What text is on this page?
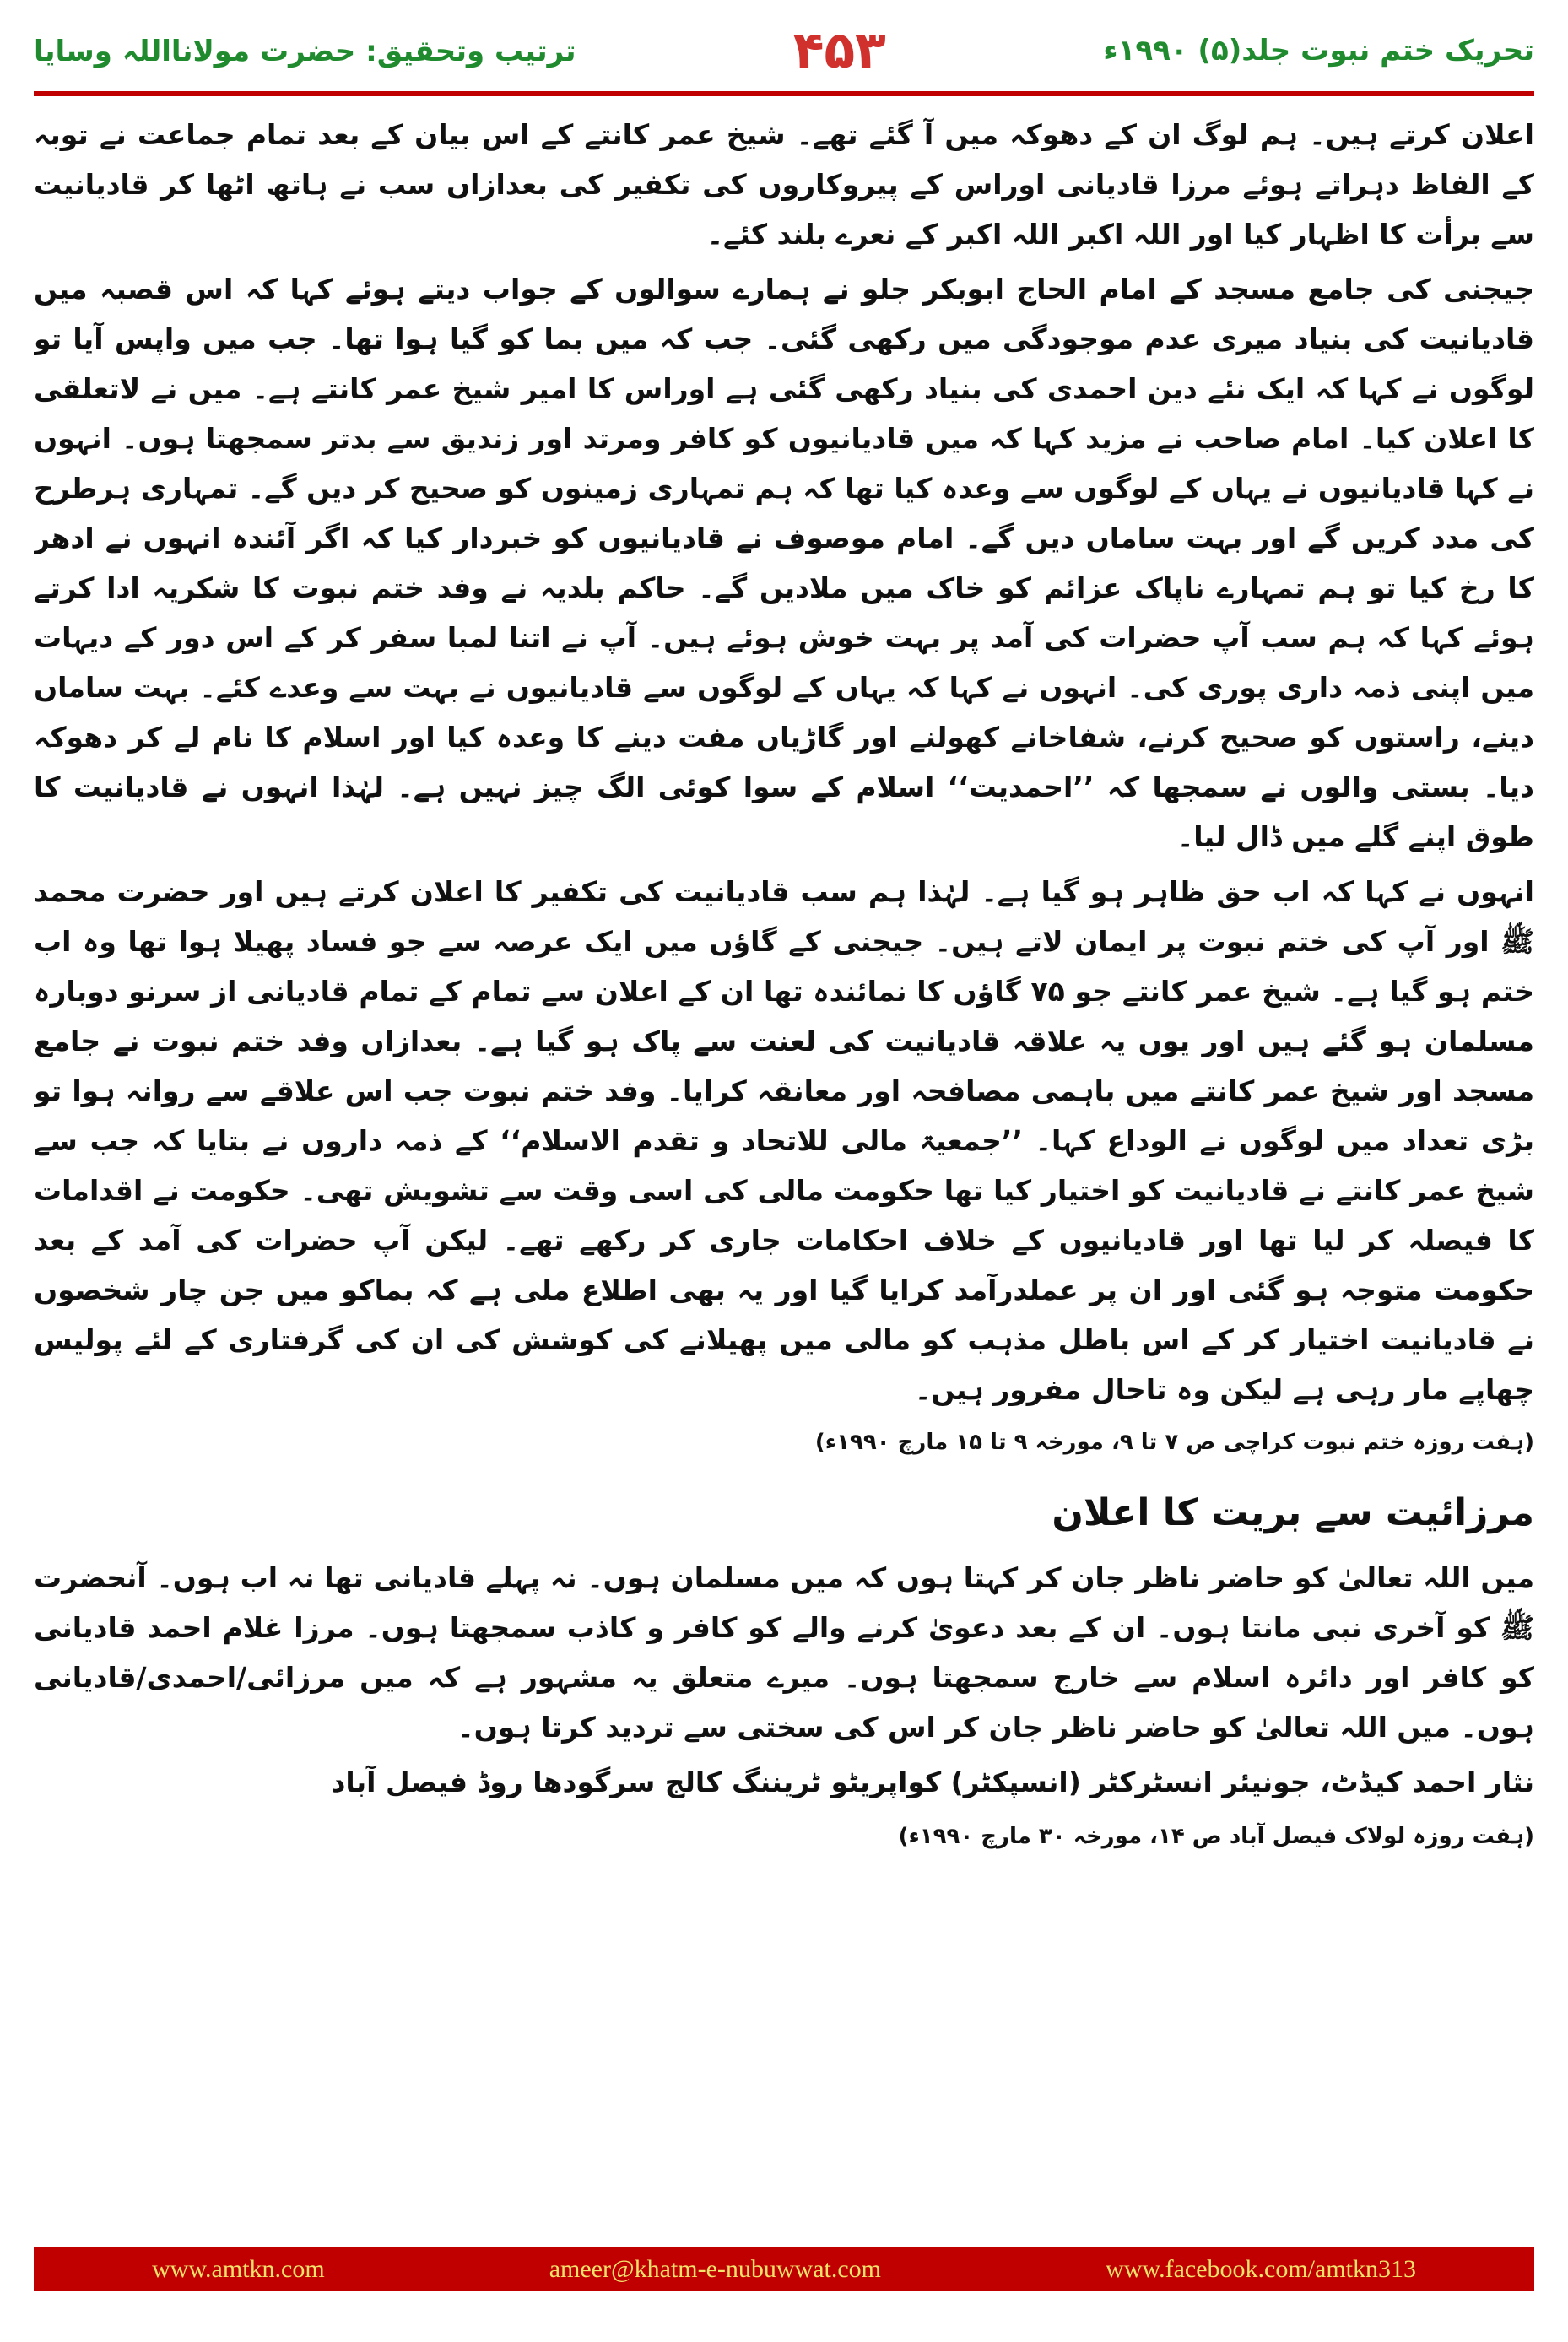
ترتیب وتحقیق: حضرت مولانااللہ وسایا	۴۵۳	تحریک ختم نبوت جلد(۵) ۱۹۹۰ء

اعلان کرتے ہیں۔ ہم لوگ ان کے دھوکہ میں آ گئے تھے۔ شیخ عمر کانتے کے اس بیان کے بعد تمام جماعت نے توبہ کے الفاظ دہراتے ہوئے مرزا قادیانی اوراس کے پیروکاروں کی تکفیر کی بعدازاں سب نے ہاتھ اٹھا کر قادیانیت سے برأت کا اظہار کیا اور اللہ اکبر اللہ اکبر کے نعرے بلند کئے۔

جیجنی کی جامع مسجد کے امام الحاج ابوبکر جلو نے ہمارے سوالوں کے جواب دیتے ہوئے کہا کہ اس قصبہ میں قادیانیت کی بنیاد میری عدم موجودگی میں رکھی گئی۔ جب کہ میں بما کو گیا ہوا تھا۔ جب میں واپس آیا تو لوگوں نے کہا کہ ایک نئے دین احمدی کی بنیاد رکھی گئی ہے اوراس کا امیر شیخ عمر کانتے ہے۔ میں نے لاتعلقی کا اعلان کیا۔ امام صاحب نے مزید کہا کہ میں قادیانیوں کو کافر ومرتد اور زندیق سے بدتر سمجھتا ہوں۔ انہوں نے کہا قادیانیوں نے یہاں کے لوگوں سے وعدہ کیا تھا کہ ہم تمہاری زمینوں کو صحیح کر دیں گے۔ تمہاری ہرطرح کی مدد کریں گے اور بہت ساماں دیں گے۔ امام موصوف نے قادیانیوں کو خبردار کیا کہ اگر آئندہ انہوں نے ادھر کا رخ کیا تو ہم تمہارے ناپاک عزائم کو خاک میں ملادیں گے۔ حاکم بلدیہ نے وفد ختم نبوت کا شکریہ ادا کرتے ہوئے کہا کہ ہم سب آپ حضرات کی آمد پر بہت خوش ہوئے ہیں۔ آپ نے اتنا لمبا سفر کر کے اس دور کے دیہات میں اپنی ذمہ داری پوری کی۔ انہوں نے کہا کہ یہاں کے لوگوں سے قادیانیوں نے بہت سے وعدے کئے۔ بہت ساماں دینے، راستوں کو صحیح کرنے، شفاخانے کھولنے اور گاڑیاں مفت دینے کا وعدہ کیا اور اسلام کا نام لے کر دھوکہ دیا۔ بستی والوں نے سمجھا کہ ’’احمدیت‘‘ اسلام کے سوا کوئی الگ چیز نہیں ہے۔ لہٰذا انہوں نے قادیانیت کا طوق اپنے گلے میں ڈال لیا۔

انہوں نے کہا کہ اب حق ظاہر ہو گیا ہے۔ لہٰذا ہم سب قادیانیت کی تکفیر کا اعلان کرتے ہیں اور حضرت محمد ﷺ اور آپ کی ختم نبوت پر ایمان لاتے ہیں۔ جیجنی کے گاؤں میں ایک عرصہ سے جو فساد پھیلا ہوا تھا وہ اب ختم ہو گیا ہے۔ شیخ عمر کانتے جو ۷۵ گاؤں کا نمائندہ تھا ان کے اعلان سے تمام کے تمام قادیانی از سرنو دوبارہ مسلمان ہو گئے ہیں اور یوں یہ علاقہ قادیانیت کی لعنت سے پاک ہو گیا ہے۔ بعدازاں وفد ختم نبوت نے جامع مسجد اور شیخ عمر کانتے میں باہمی مصافحہ اور معانقہ کرایا۔ وفد ختم نبوت جب اس علاقے سے روانہ ہوا تو بڑی تعداد میں لوگوں نے الوداع کہا۔ ’’جمعیۃ مالی للاتحاد و تقدم الاسلام‘‘ کے ذمہ داروں نے بتایا کہ جب سے شیخ عمر کانتے نے قادیانیت کو اختیار کیا تھا حکومت مالی کی اسی وقت سے تشویش تھی۔ حکومت نے اقدامات کا فیصلہ کر لیا تھا اور قادیانیوں کے خلاف احکامات جاری کر رکھے تھے۔ لیکن آپ حضرات کی آمد کے بعد حکومت متوجہ ہو گئی اور ان پر عملدرآمد کرایا گیا اور یہ بھی اطلاع ملی ہے کہ بماکو میں جن چار شخصوں نے قادیانیت اختیار کر کے اس باطل مذہب کو مالی میں پھیلانے کی کوشش کی ان کی گرفتاری کے لئے پولیس چھاپے مار رہی ہے لیکن وہ تاحال مفرور ہیں۔
(ہفت روزہ ختم نبوت کراچی ص ۷ تا ۹، مورخہ ۹ تا ۱۵ مارچ ۱۹۹۰ء)

مرزائیت سے بریت کا اعلان

میں اللہ تعالیٰ کو حاضر ناظر جان کر کہتا ہوں کہ میں مسلمان ہوں۔ نہ پہلے قادیانی تھا نہ اب ہوں۔ آنحضرت ﷺ کو آخری نبی مانتا ہوں۔ ان کے بعد دعویٰ کرنے والے کو کافر و کاذب سمجھتا ہوں۔ مرزا غلام احمد قادیانی کو کافر اور دائرہ اسلام سے خارج سمجھتا ہوں۔ میرے متعلق یہ مشہور ہے کہ میں مرزائی/احمدی/قادیانی ہوں۔ میں اللہ تعالیٰ کو حاضر ناظر جان کر اس کی سختی سے تردید کرتا ہوں۔

نثار احمد کیڈٹ، جونیئر انسٹرکٹر (انسپکٹر) کواپریٹو ٹریننگ کالج سرگودھا روڈ فیصل آباد

(ہفت روزہ لولاک فیصل آباد ص ۱۴، مورخہ ۳۰ مارچ ۱۹۹۰ء)

www.amtkn.com	ameer@khatm-e-nubuwwat.com	www.facebook.com/amtkn313
